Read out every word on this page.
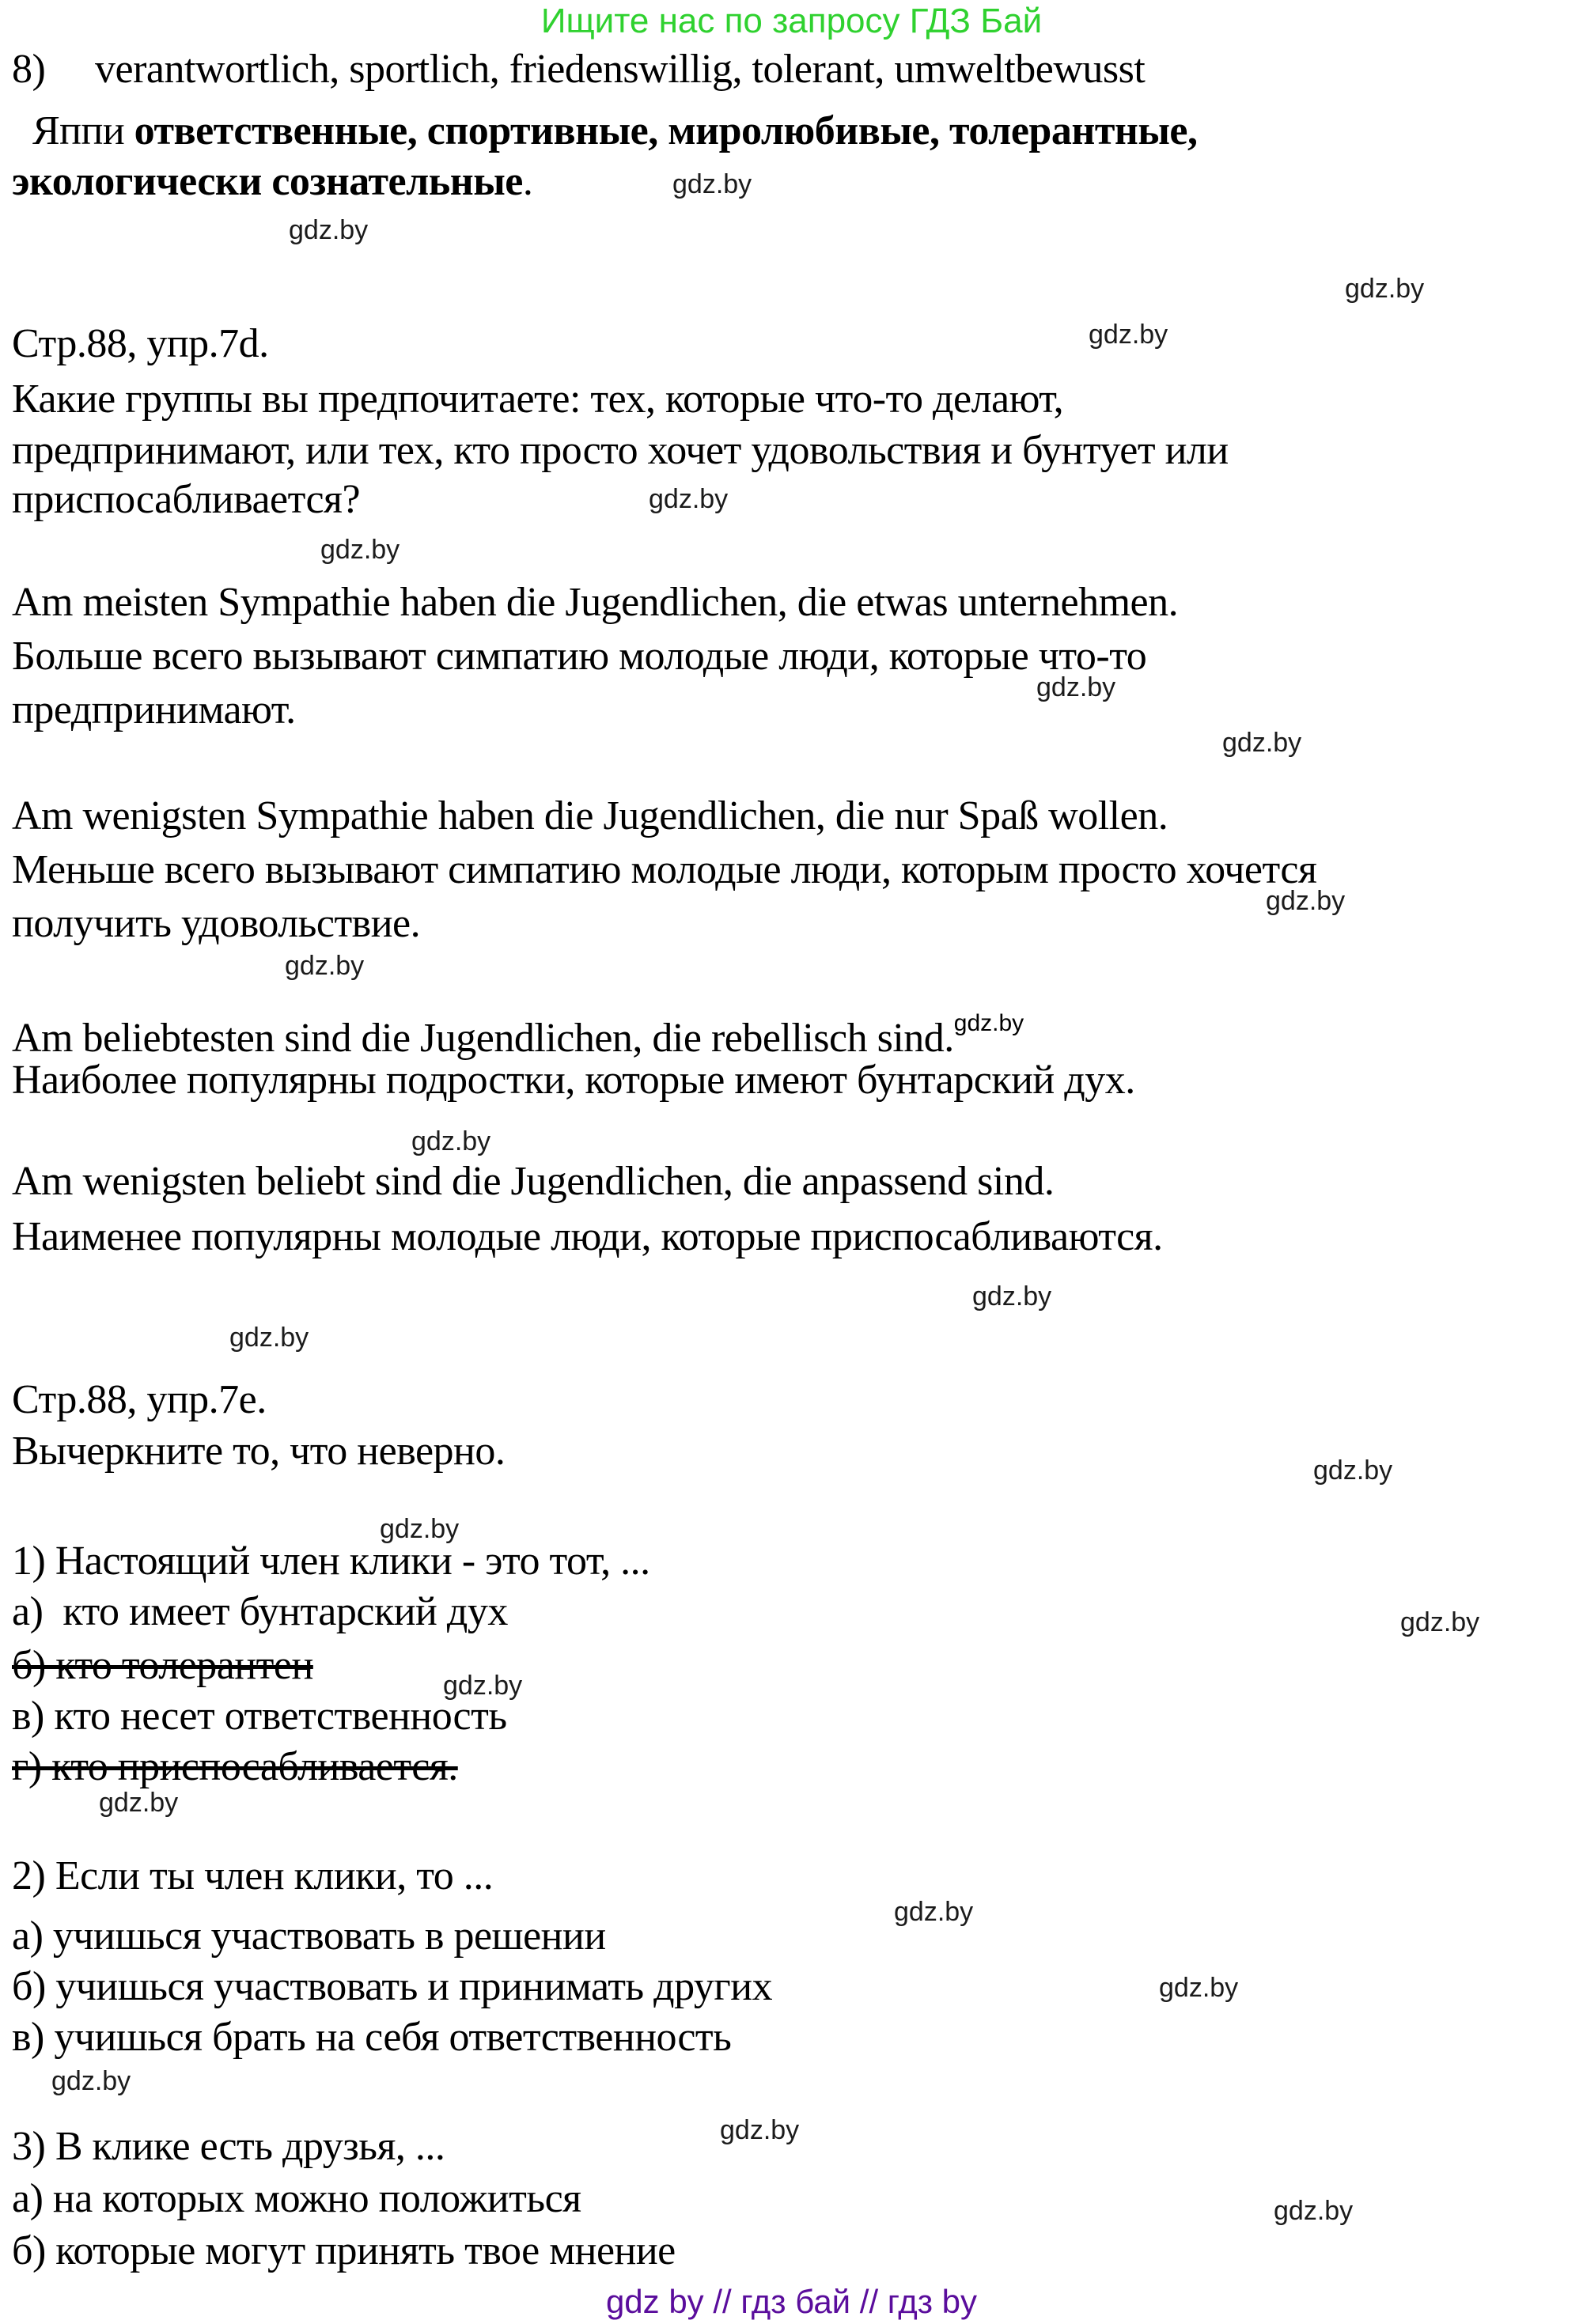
Ищите нас по запросу ГДЗ Бай
8) verantwortlich, sportlich, friedenswillig, tolerant, umweltbewusst
Яппи ответственные, спортивные, миролюбивые, толерантные,
экологически сознательные.
Стр.88, упр.7d.
Какие группы вы предпочитаете: тех, которые что-то делают,
предпринимают, или тех, кто просто хочет удовольствия и бунтует или
приспосабливается?
Am meisten Sympathie haben die Jugendlichen, die etwas unternehmen.
Больше всего вызывают симпатию молодые люди, которые что-то
предпринимают.
Am wenigsten Sympathie haben die Jugendlichen, die nur Spaß wollen.
Меньше всего вызывают симпатию молодые люди, которым просто хочется
получить удовольствие.
Am beliebtesten sind die Jugendlichen, die rebellisch sind.$^{gdz.by}$
Наиболее популярны подростки, которые имеют бунтарский дух.
Am wenigsten beliebt sind die Jugendlichen, die anpassend sind.
Наименее популярны молодые люди, которые приспосабливаются.
Стр.88, упр.7е.
Вычеркните то, что неверно.
1) Настоящий член клики - это тот, ...
а)  кто имеет бунтарский дух
б) кто толерантен
в) кто несет ответственность
г) кто приспосабливается.
2) Если ты член клики, то ...
а) учишься участвовать в решении
б) учишься участвовать и принимать других
в) учишься брать на себя ответственность
3) В клике есть друзья, ...
а) на которых можно положиться
б) которые могут принять твое мнение
gdz.by
gdz.by
gdz.by
gdz.by
gdz.by
gdz.by
gdz.by
gdz.by
gdz.by
gdz.by
gdz.by
gdz.by
gdz.by
gdz.by
gdz.by
gdz.by
gdz.by
gdz.by
gdz.by
gdz.by
gdz.by
gdz.by
gdz.by
gdz by // гдз бай // гдз by
